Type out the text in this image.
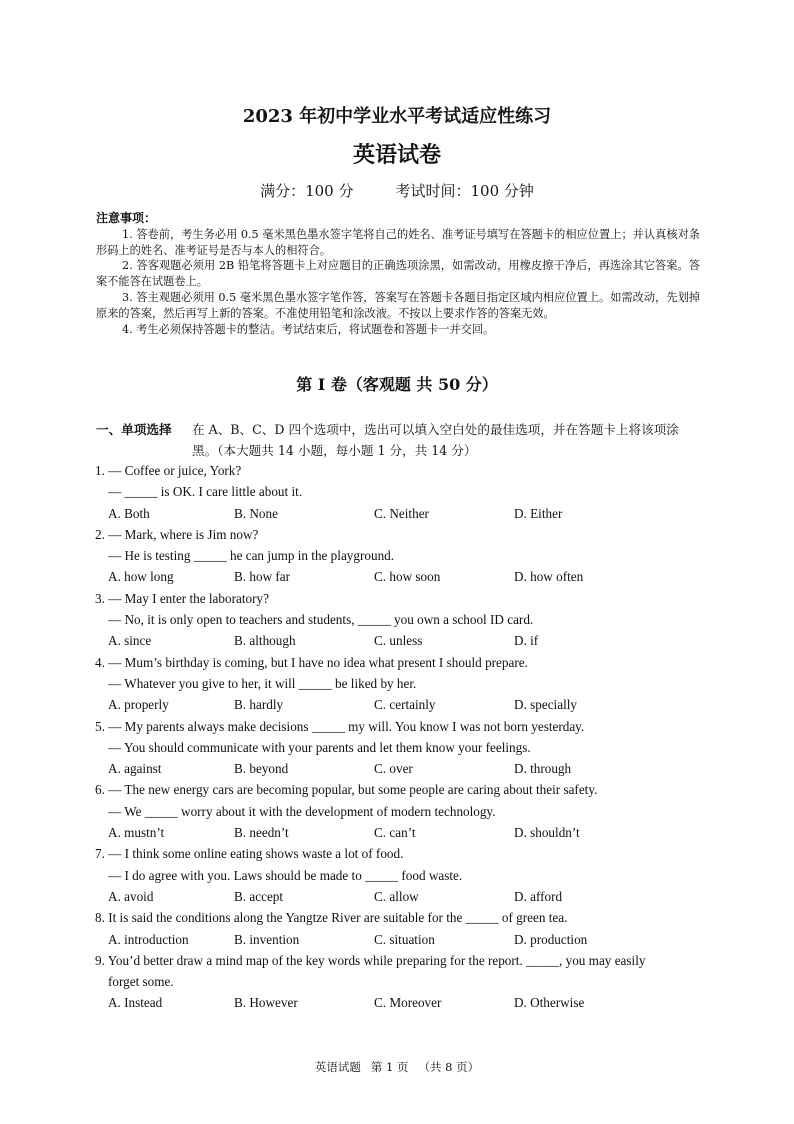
2023 年初中学业水平考试适应性练习
英语试卷
满分：100 分	考试时间：100 分钟
注意事项：

1. 答卷前，考生务必用 0.5 毫米黑色墨水签字笔将自己的姓名、准考证号填写在答题卡的相应位置上；并认真核对条形码上的姓名、准考证号是否与本人的相符合。

2. 答客观题必须用 2B 铅笔将答题卡上对应题目的正确选项涂黑，如需改动，用橡皮擦干净后，再选涂其它答案。答案不能答在试题卷上。

3. 答主观题必须用 0.5 毫米黑色墨水签字笔作答，答案写在答题卡各题目指定区域内相应位置上。如需改动，先划掉原来的答案，然后再写上新的答案。不准使用铅笔和涂改液。不按以上要求作答的答案无效。

4. 考生必须保持答题卡的整洁。考试结束后，将试题卷和答题卡一并交回。

第 I 卷（客观题 共 50 分）
一、单项选择 在 A、B、C、D 四个选项中，选出可以填入空白处的最佳选项，并在答题卡上将该项涂黑。（本大题共 14 小题，每小题 1 分，共 14 分）
1. — Coffee or juice, York?
— _____ is OK. I care little about it.
A. Both	B. None	C. Neither	D. Either
2. — Mark, where is Jim now?
— He is testing _____ he can jump in the playground.
A. how long	B. how far	C. how soon	D. how often
3. — May I enter the laboratory?
— No, it is only open to teachers and students, _____ you own a school ID card.
A. since	B. although	C. unless	D. if
4. — Mum’s birthday is coming, but I have no idea what present I should prepare.
— Whatever you give to her, it will _____ be liked by her.
A. properly	B. hardly	C. certainly	D. specially
5. — My parents always make decisions _____ my will. You know I was not born yesterday.
— You should communicate with your parents and let them know your feelings.
A. against	B. beyond	C. over	D. through
6. — The new energy cars are becoming popular, but some people are caring about their safety.
— We _____ worry about it with the development of modern technology.
A. mustn’t	B. needn’t	C. can’t	D. shouldn’t
7. — I think some online eating shows waste a lot of food.
— I do agree with you. Laws should be made to _____ food waste.
A. avoid	B. accept	C. allow	D. afford
8. It is said the conditions along the Yangtze River are suitable for the _____ of green tea.
A. introduction	B. invention	C. situation	D. production
9. You’d better draw a mind map of the key words while preparing for the report. _____, you may easily
forget some.
A. Instead	B. However	C. Moreover	D. Otherwise
英语试题 第 1 页 （共 8 页）
